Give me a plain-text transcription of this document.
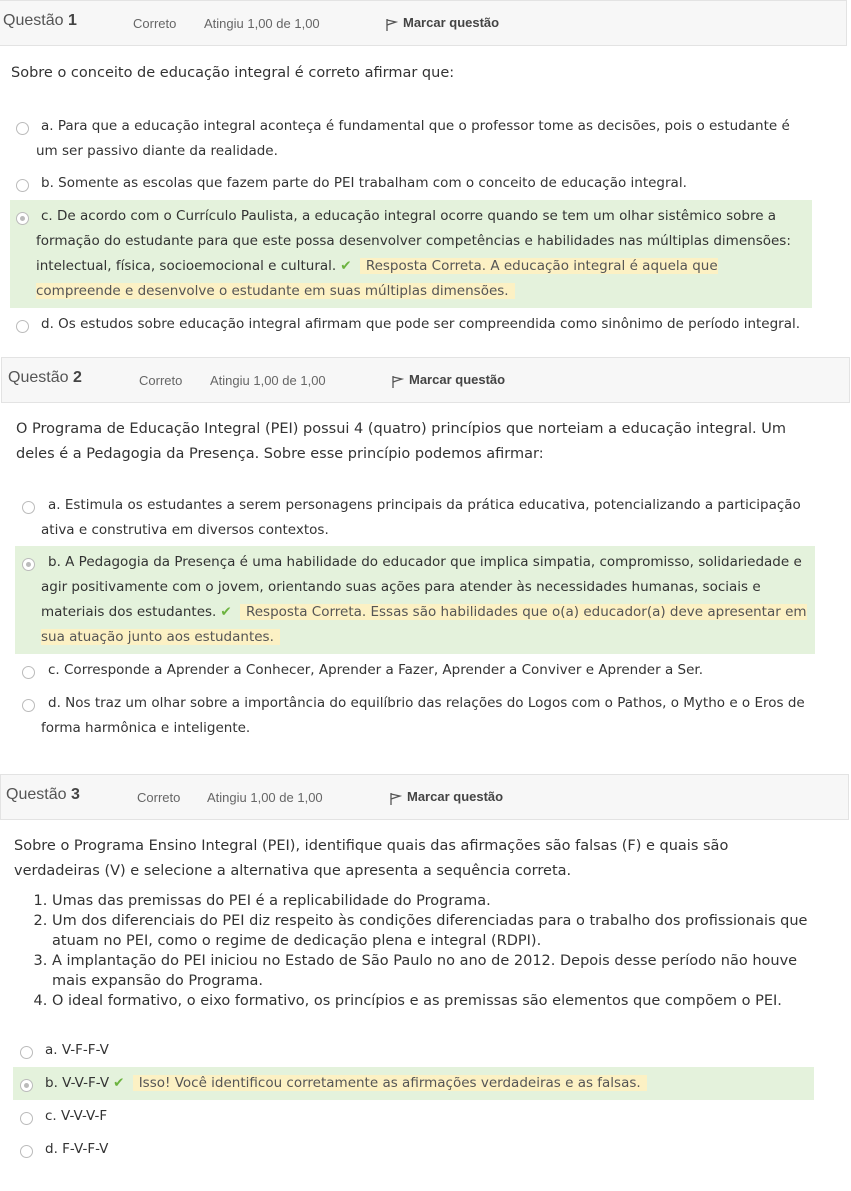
Questão 1	Correto Atingiu 1,00 de 1,00	Marcar questão
Sobre o conceito de educação integral é correto afirmar que:
a. Para que a educação integral aconteça é fundamental que o professor tome as decisões, pois o estudante é um ser passivo diante da realidade.
b. Somente as escolas que fazem parte do PEI trabalham com o conceito de educação integral.
c. De acordo com o Currículo Paulista, a educação integral ocorre quando se tem um olhar sistêmico sobre a formação do estudante para que este possa desenvolver competências e habilidades nas múltiplas dimensões: intelectual, física, socioemocional e cultural. ✔ Resposta Correta. A educação integral é aquela que compreende e desenvolve o estudante em suas múltiplas dimensões.
d. Os estudos sobre educação integral afirmam que pode ser compreendida como sinônimo de período integral.
Questão 2	Correto Atingiu 1,00 de 1,00	Marcar questão
O Programa de Educação Integral (PEI) possui 4 (quatro) princípios que norteiam a educação integral. Um deles é a Pedagogia da Presença. Sobre esse princípio podemos afirmar:
a. Estimula os estudantes a serem personagens principais da prática educativa, potencializando a participação ativa e construtiva em diversos contextos.
b. A Pedagogia da Presença é uma habilidade do educador que implica simpatia, compromisso, solidariedade e agir positivamente com o jovem, orientando suas ações para atender às necessidades humanas, sociais e materiais dos estudantes. ✔ Resposta Correta. Essas são habilidades que o(a) educador(a) deve apresentar em sua atuação junto aos estudantes.
c. Corresponde a Aprender a Conhecer, Aprender a Fazer, Aprender a Conviver e Aprender a Ser.
d. Nos traz um olhar sobre a importância do equilíbrio das relações do Logos com o Pathos, o Mytho e o Eros de forma harmônica e inteligente.
Questão 3	Correto Atingiu 1,00 de 1,00	Marcar questão
Sobre o Programa Ensino Integral (PEI), identifique quais das afirmações são falsas (F) e quais são verdadeiras (V) e selecione a alternativa que apresenta a sequência correta.
1. Umas das premissas do PEI é a replicabilidade do Programa.
2. Um dos diferenciais do PEI diz respeito às condições diferenciadas para o trabalho dos profissionais que atuam no PEI, como o regime de dedicação plena e integral (RDPI).
3. A implantação do PEI iniciou no Estado de São Paulo no ano de 2012. Depois desse período não houve mais expansão do Programa.
4. O ideal formativo, o eixo formativo, os princípios e as premissas são elementos que compõem o PEI.
a. V-F-F-V
b. V-V-F-V ✔ Isso! Você identificou corretamente as afirmações verdadeiras e as falsas.
c. V-V-V-F
d. F-V-F-V
